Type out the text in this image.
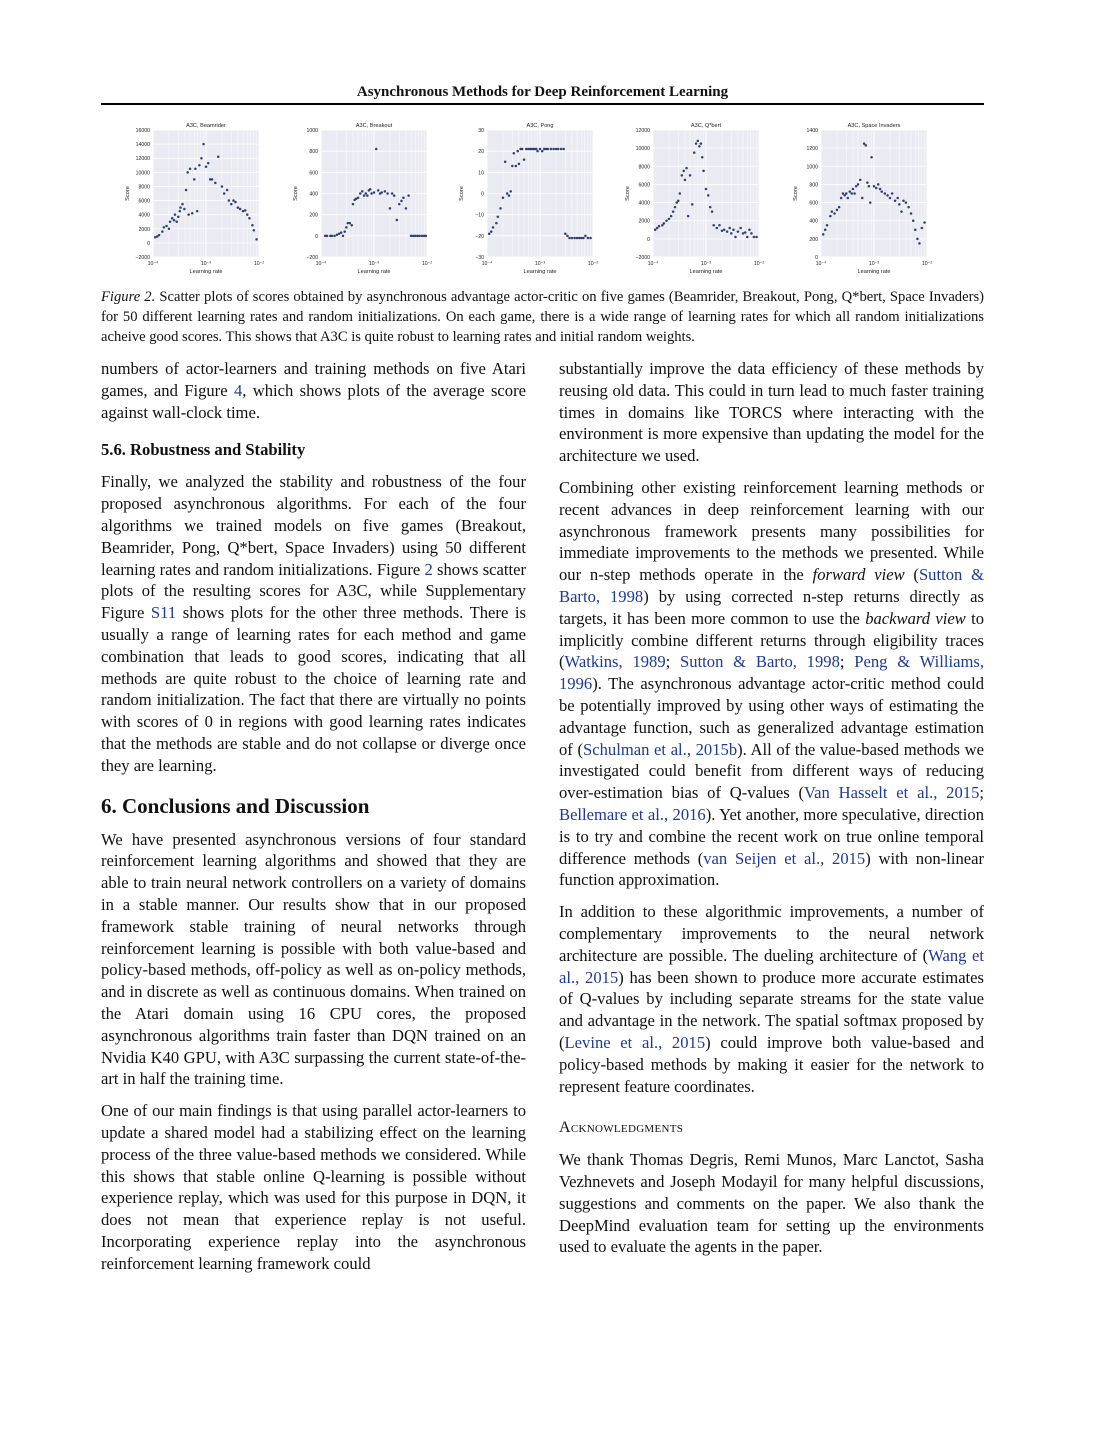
Asynchronous Methods for Deep Reinforcement Learning
−2000
0
2000
4000
6000
8000
10000
12000
14000
16000
10⁻⁴	10⁻³	10⁻²
A3C, Beamrider
Learning rate
Score
−200
0
200
400
600
800
1000
10⁻⁴	10⁻³	10⁻²
A3C, Breakout
Learning rate
Score
−30
−20
−10
0
10
20
30
10⁻⁴	10⁻³	10⁻²
A3C, Pong
Learning rate
Score
−2000
0
2000
4000
6000
8000
10000
12000
10⁻⁴	10⁻³	10⁻²
A3C, Q*bert
Learning rate
Score
0
200
400
600
800
1000
1200
1400
10⁻⁴	10⁻³	10⁻²
A3C, Space Invaders
Learning rate
Score
Figure 2. Scatter plots of scores obtained by asynchronous advantage actor-critic on five games (Beamrider, Breakout, Pong, Q*bert, Space Invaders) for 50 different learning rates and random initializations. On each game, there is a wide range of learning rates for which all random initializations acheive good scores. This shows that A3C is quite robust to learning rates and initial random weights.

numbers of actor-learners and training methods on five Atari games, and Figure 4, which shows plots of the average score against wall-clock time.

5.6. Robustness and Stability

Finally, we analyzed the stability and robustness of the four proposed asynchronous algorithms. For each of the four algorithms we trained models on five games (Breakout, Beamrider, Pong, Q*bert, Space Invaders) using 50 different learning rates and random initializations. Figure 2 shows scatter plots of the resulting scores for A3C, while Supplementary Figure S11 shows plots for the other three methods. There is usually a range of learning rates for each method and game combination that leads to good scores, indicating that all methods are quite robust to the choice of learning rate and random initialization. The fact that there are virtually no points with scores of 0 in regions with good learning rates indicates that the methods are stable and do not collapse or diverge once they are learning.

6. Conclusions and Discussion

We have presented asynchronous versions of four standard reinforcement learning algorithms and showed that they are able to train neural network controllers on a variety of domains in a stable manner. Our results show that in our proposed framework stable training of neural networks through reinforcement learning is possible with both value-based and policy-based methods, off-policy as well as on-policy methods, and in discrete as well as continuous domains. When trained on the Atari domain using 16 CPU cores, the proposed asynchronous algorithms train faster than DQN trained on an Nvidia K40 GPU, with A3C surpassing the current state-of-the-art in half the training time.

One of our main findings is that using parallel actor-learners to update a shared model had a stabilizing effect on the learning process of the three value-based methods we considered. While this shows that stable online Q-learning is possible without experience replay, which was used for this purpose in DQN, it does not mean that experience replay is not useful. Incorporating experience replay into the asynchronous reinforcement learning framework could

substantially improve the data efficiency of these methods by reusing old data. This could in turn lead to much faster training times in domains like TORCS where interacting with the environment is more expensive than updating the model for the architecture we used.

Combining other existing reinforcement learning methods or recent advances in deep reinforcement learning with our asynchronous framework presents many possibilities for immediate improvements to the methods we presented. While our n-step methods operate in the forward view (Sutton & Barto, 1998) by using corrected n-step returns directly as targets, it has been more common to use the backward view to implicitly combine different returns through eligibility traces (Watkins, 1989; Sutton & Barto, 1998; Peng & Williams, 1996). The asynchronous advantage actor-critic method could be potentially improved by using other ways of estimating the advantage function, such as generalized advantage estimation of (Schulman et al., 2015b). All of the value-based methods we investigated could benefit from different ways of reducing over-estimation bias of Q-values (Van Hasselt et al., 2015; Bellemare et al., 2016). Yet another, more speculative, direction is to try and combine the recent work on true online temporal difference methods (van Seijen et al., 2015) with non-linear function approximation.

In addition to these algorithmic improvements, a number of complementary improvements to the neural network architecture are possible. The dueling architecture of (Wang et al., 2015) has been shown to produce more accurate estimates of Q-values by including separate streams for the state value and advantage in the network. The spatial softmax proposed by (Levine et al., 2015) could improve both value-based and policy-based methods by making it easier for the network to represent feature coordinates.

Acknowledgments

We thank Thomas Degris, Remi Munos, Marc Lanctot, Sasha Vezhnevets and Joseph Modayil for many helpful discussions, suggestions and comments on the paper. We also thank the DeepMind evaluation team for setting up the environments used to evaluate the agents in the paper.
